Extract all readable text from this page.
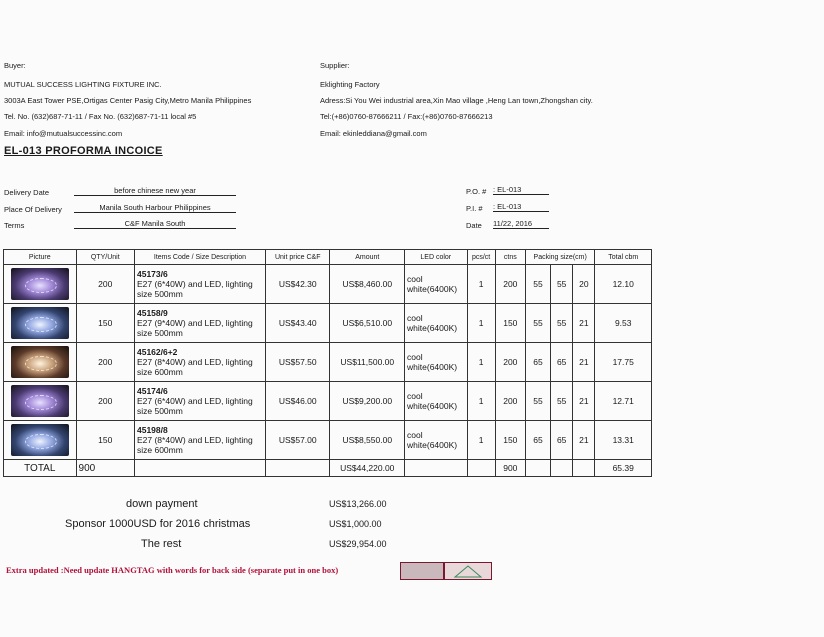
Buyer:
MUTUAL SUCCESS LIGHTING FIXTURE INC.
3003A East Tower PSE,Ortigas Center Pasig City,Metro Manila Philippines
Tel. No. (632)687-71-11 / Fax No. (632)687-71-11 local #5
Email: info@mutualsuccessinc.com
Supplier:
Eklighting Factory
Adress:Si You Wei industrial area,Xin Mao village ,Heng Lan town,Zhongshan city.
Tel:(+86)0760-87666211 / Fax:(+86)0760-87666213
Email: ekinleddiana@gmail.com
EL-013 PROFORMA INCOICE
Delivery Date	before chinese new year
Place Of Delivery	Manila South Harbour Philippines
Terms	C&F Manila South
P.O. # : EL-013
P.I. # : EL-013
Date 11/22, 2016
Picture	QTY/Unit	Items Code / Size Description	Unit price C&F	Amount	LED color	pcs/ct	ctns	Packing size(cm)			Total cbm

	200	45173/6
E27 (6*40W) and LED, lighting size 500mm	US$42.30	US$8,460.00	cool white(6400K)	1	200	55	55	20	12.10

	150	45158/9
E27 (9*40W) and LED, lighting size 500mm	US$43.40	US$6,510.00	cool white(6400K)	1	150	55	55	21	9.53

	200	45162/6+2
E27 (8*40W) and LED, lighting size 600mm	US$57.50	US$11,500.00	cool white(6400K)	1	200	65	65	21	17.75

	200	45174/6
E27 (6*40W) and LED, lighting size 500mm	US$46.00	US$9,200.00	cool white(6400K)	1	200	55	55	21	12.71

	150	45198/8
E27 (8*40W) and LED, lighting size 600mm	US$57.00	US$8,550.00	cool white(6400K)	1	150	65	65	21	13.31
TOTAL	900			US$44,220.00			900				65.39
down payment	US$13,266.00
Sponsor 1000USD for 2016 christmas	US$1,000.00
The rest	US$29,954.00
Extra updated :Need update HANGTAG with words for back side (separate put in one box)
